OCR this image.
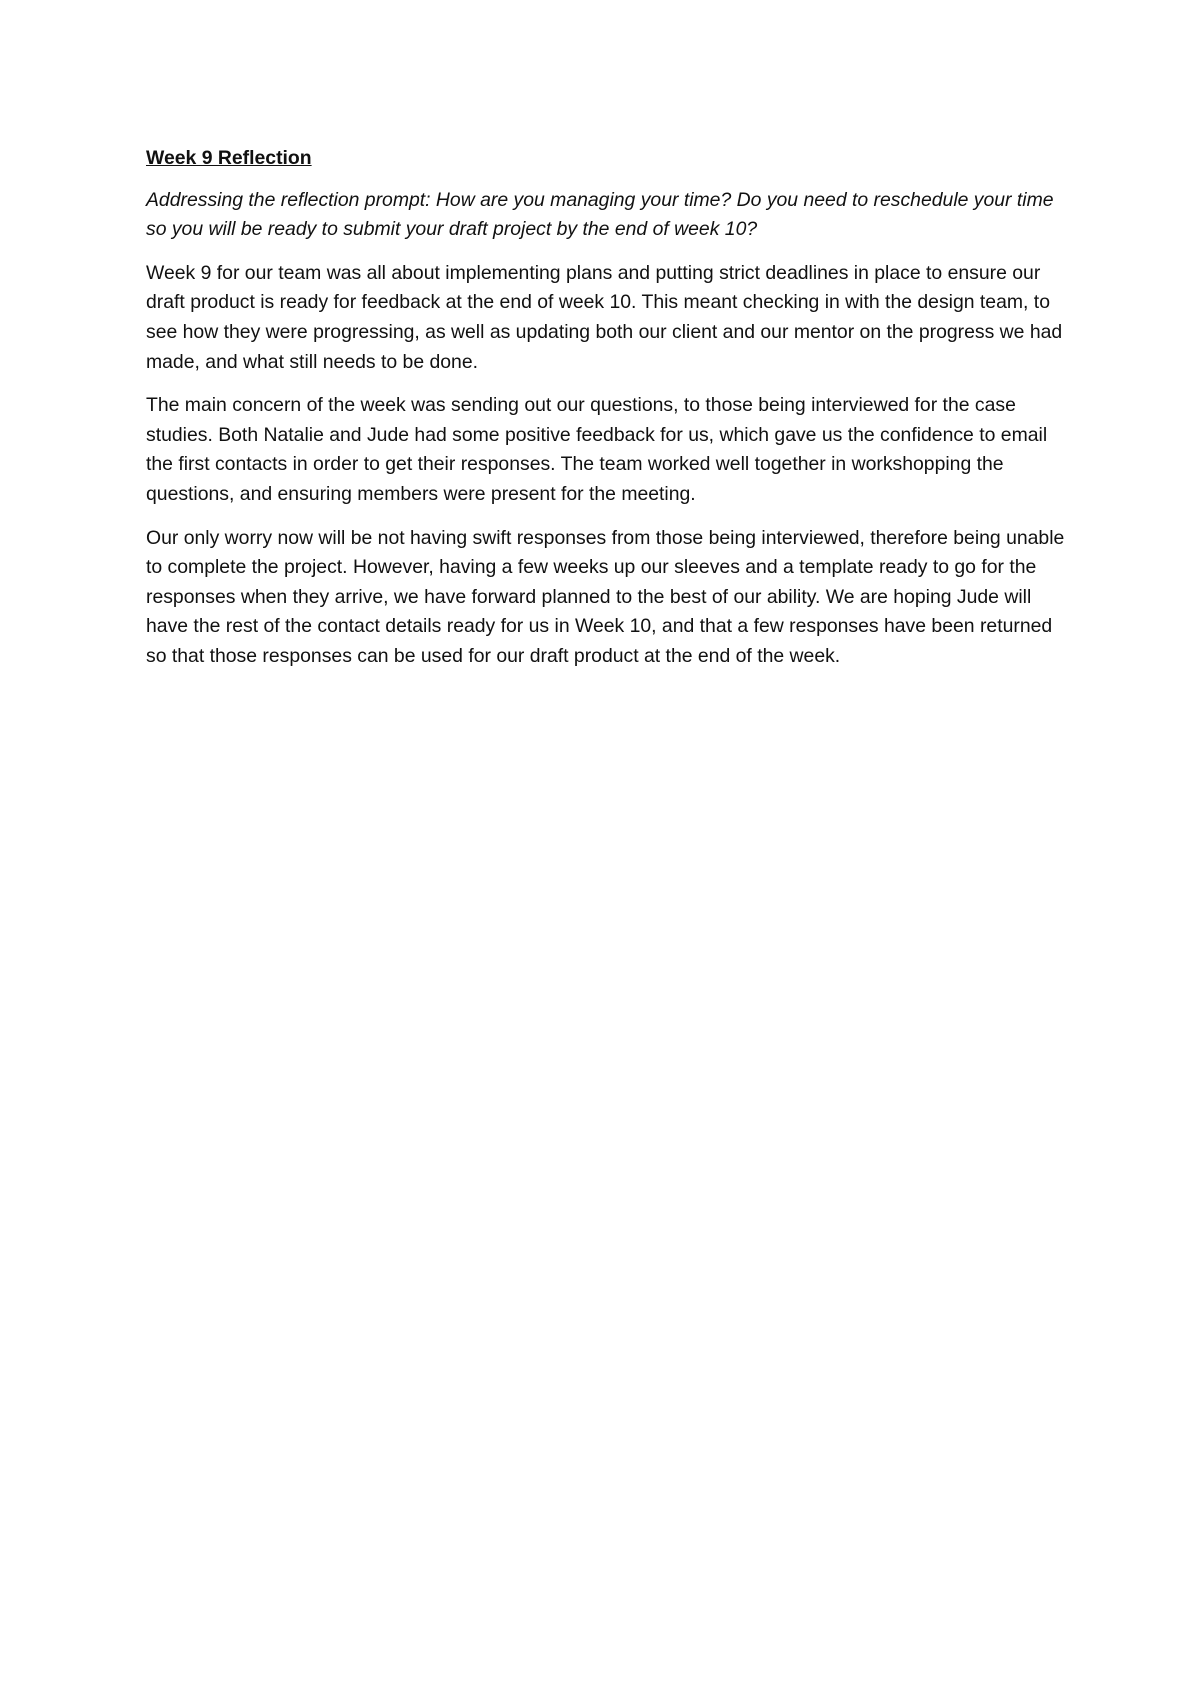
Week 9 Reflection

Addressing the reflection prompt: How are you managing your time? Do you need to reschedule your time so you will be ready to submit your draft project by the end of week 10?

Week 9 for our team was all about implementing plans and putting strict deadlines in place to ensure our draft product is ready for feedback at the end of week 10. This meant checking in with the design team, to see how they were progressing, as well as updating both our client and our mentor on the progress we had made, and what still needs to be done.

The main concern of the week was sending out our questions, to those being interviewed for the case studies. Both Natalie and Jude had some positive feedback for us, which gave us the confidence to email the first contacts in order to get their responses. The team worked well together in workshopping the questions, and ensuring members were present for the meeting.

Our only worry now will be not having swift responses from those being interviewed, therefore being unable to complete the project. However, having a few weeks up our sleeves and a template ready to go for the responses when they arrive, we have forward planned to the best of our ability. We are hoping Jude will have the rest of the contact details ready for us in Week 10, and that a few responses have been returned so that those responses can be used for our draft product at the end of the week.
